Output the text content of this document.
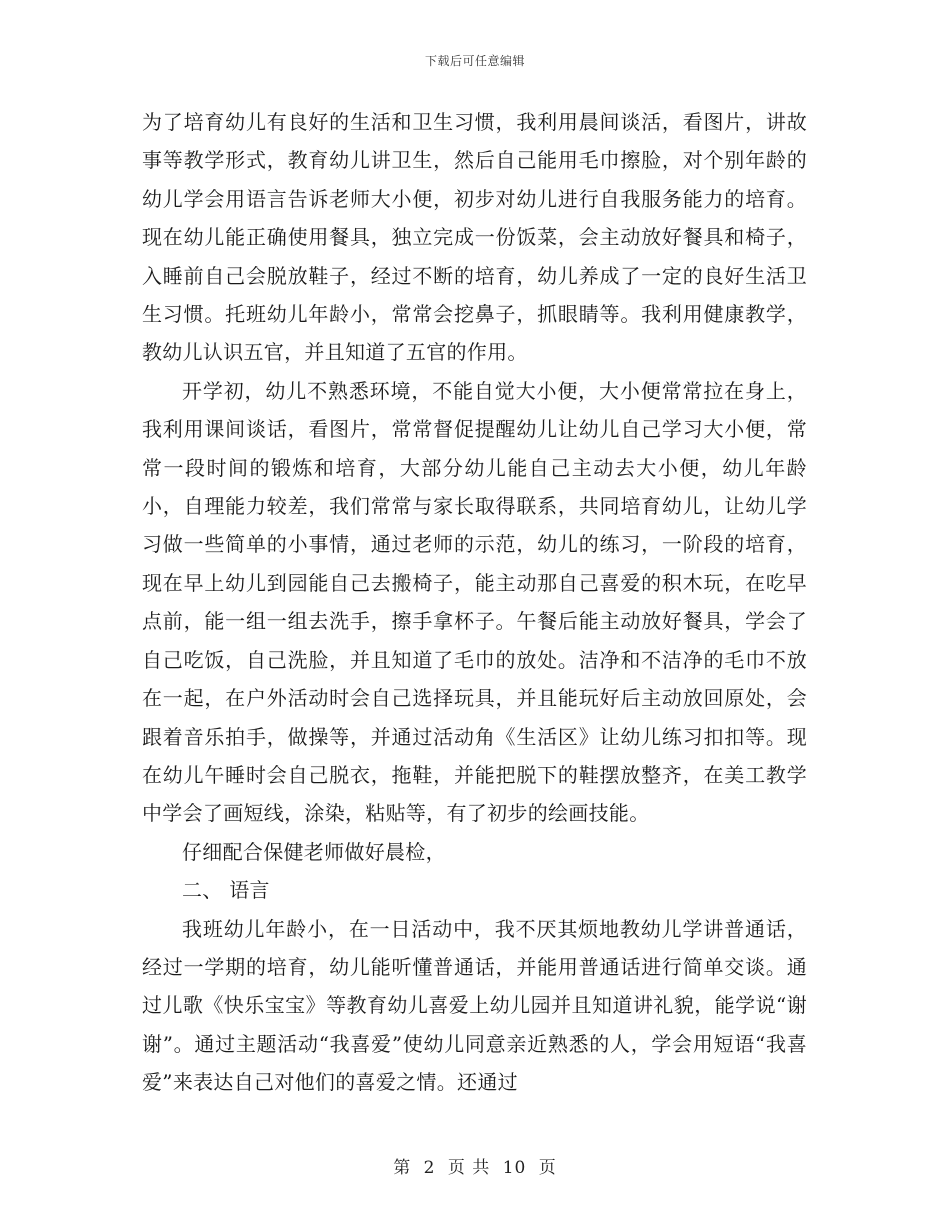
下载后可任意编辑

为了培育幼儿有良好的生活和卫生习惯，我利用晨间谈活，看图片，讲故事等教学形式，教育幼儿讲卫生，然后自己能用毛巾擦脸，对个别年龄的幼儿学会用语言告诉老师大小便，初步对幼儿进行自我服务能力的培育。现在幼儿能正确使用餐具，独立完成一份饭菜，会主动放好餐具和椅子，入睡前自己会脱放鞋子，经过不断的培育，幼儿养成了一定的良好生活卫生习惯。托班幼儿年龄小，常常会挖鼻子，抓眼睛等。我利用健康教学，教幼儿认识五官，并且知道了五官的作用。

开学初，幼儿不熟悉环境，不能自觉大小便，大小便常常拉在身上，我利用课间谈话，看图片，常常督促提醒幼儿让幼儿自己学习大小便，常常一段时间的锻炼和培育，大部分幼儿能自己主动去大小便，幼儿年龄小，自理能力较差，我们常常与家长取得联系，共同培育幼儿，让幼儿学习做一些简单的小事情，通过老师的示范，幼儿的练习，一阶段的培育，现在早上幼儿到园能自己去搬椅子，能主动那自己喜爱的积木玩，在吃早点前，能一组一组去洗手，擦手拿杯子。午餐后能主动放好餐具，学会了自己吃饭，自己洗脸，并且知道了毛巾的放处。洁净和不洁净的毛巾不放在一起，在户外活动时会自己选择玩具，并且能玩好后主动放回原处，会跟着音乐拍手，做操等，并通过活动角《生活区》让幼儿练习扣扣等。现在幼儿午睡时会自己脱衣，拖鞋，并能把脱下的鞋摆放整齐，在美工教学中学会了画短线，涂染，粘贴等，有了初步的绘画技能。

仔细配合保健老师做好晨检，

二、 语言

我班幼儿年龄小，在一日活动中，我不厌其烦地教幼儿学讲普通话，经过一学期的培育，幼儿能听懂普通话，并能用普通话进行简单交谈。通过儿歌《快乐宝宝》等教育幼儿喜爱上幼儿园并且知道讲礼貌，能学说“谢谢”。通过主题活动“我喜爱”使幼儿同意亲近熟悉的人，学会用短语“我喜爱”来表达自己对他们的喜爱之情。还通过

第 2 页 共 10 页
